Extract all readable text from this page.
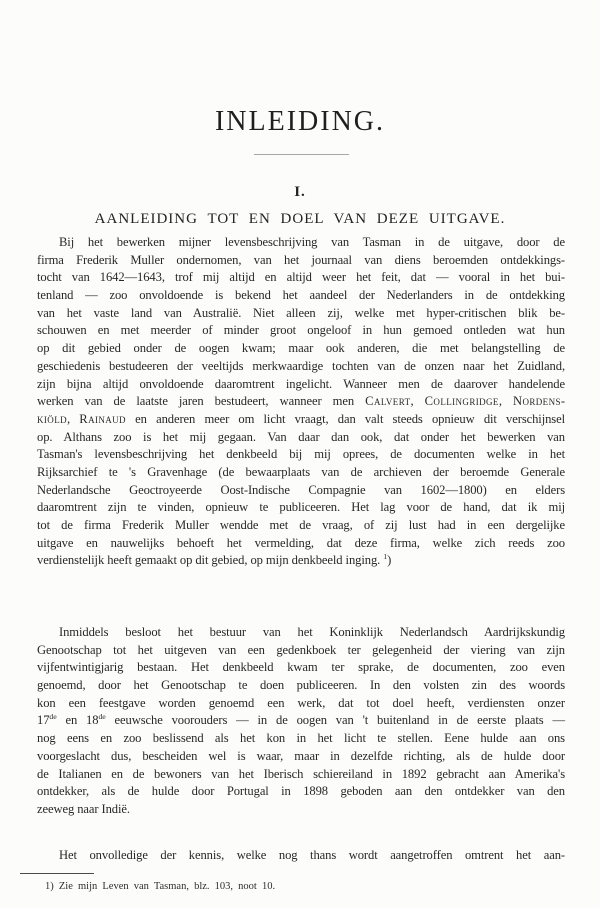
INLEIDING.
I.
AANLEIDING TOT EN DOEL VAN DEZE UITGAVE.
Bij het bewerken mijner levensbeschrijving van Tasman in de uitgave, door de
firma Frederik Muller ondernomen, van het journaal van diens beroemden ontdekkings-
tocht van 1642—1643, trof mij altijd en altijd weer het feit, dat — vooral in het bui-
tenland — zoo onvoldoende is bekend het aandeel der Nederlanders in de ontdekking
van het vaste land van Australië. Niet alleen zij, welke met hyper-critischen blik be-
schouwen en met meerder of minder groot ongeloof in hun gemoed ontleden wat hun
op dit gebied onder de oogen kwam; maar ook anderen, die met belangstelling de
geschiedenis bestudeeren der veeltijds merkwaardige tochten van de onzen naar het Zuidland,
zijn bijna altijd onvoldoende daaromtrent ingelicht. Wanneer men de daarover handelende
werken van de laatste jaren bestudeert, wanneer men Calvert, Collingridge, Nordens-
kiöld, Rainaud en anderen meer om licht vraagt, dan valt steeds opnieuw dit verschijnsel
op. Althans zoo is het mij gegaan. Van daar dan ook, dat onder het bewerken van
Tasman's levensbeschrijving het denkbeeld bij mij oprees, de documenten welke in het
Rijksarchief te 's Gravenhage (de bewaarplaats van de archieven der beroemde Generale
Nederlandsche Geoctroyeerde Oost-Indische Compagnie van 1602—1800) en elders
daaromtrent zijn te vinden, opnieuw te publiceeren. Het lag voor de hand, dat ik mij
tot de firma Frederik Muller wendde met de vraag, of zij lust had in een dergelijke
uitgave en nauwelijks behoeft het vermelding, dat deze firma, welke zich reeds zoo
verdienstelijk heeft gemaakt op dit gebied, op mijn denkbeeld inging. $^1$)
Inmiddels besloot het bestuur van het Koninklijk Nederlandsch Aardrijkskundig
Genootschap tot het uitgeven van een gedenkboek ter gelegenheid der viering van zijn
vijfentwintigjarig bestaan. Het denkbeeld kwam ter sprake, de documenten, zoo even
genoemd, door het Genootschap te doen publiceeren. In den volsten zin des woords
kon een feestgave worden genoemd een werk, dat tot doel heeft, verdiensten onzer
17de en 18de eeuwsche voorouders — in de oogen van 't buitenland in de eerste plaats —
nog eens en zoo beslissend als het kon in het licht te stellen. Eene hulde aan ons
voorgeslacht dus, bescheiden wel is waar, maar in dezelfde richting, als de hulde door
de Italianen en de bewoners van het Iberisch schiereiland in 1892 gebracht aan Amerika's
ontdekker, als de hulde door Portugal in 1898 geboden aan den ontdekker van den
zeeweg naar Indië.
Het onvolledige der kennis, welke nog thans wordt aangetroffen omtrent het aan-
1) Zie mijn Leven van Tasman, blz. 103, noot 10.
